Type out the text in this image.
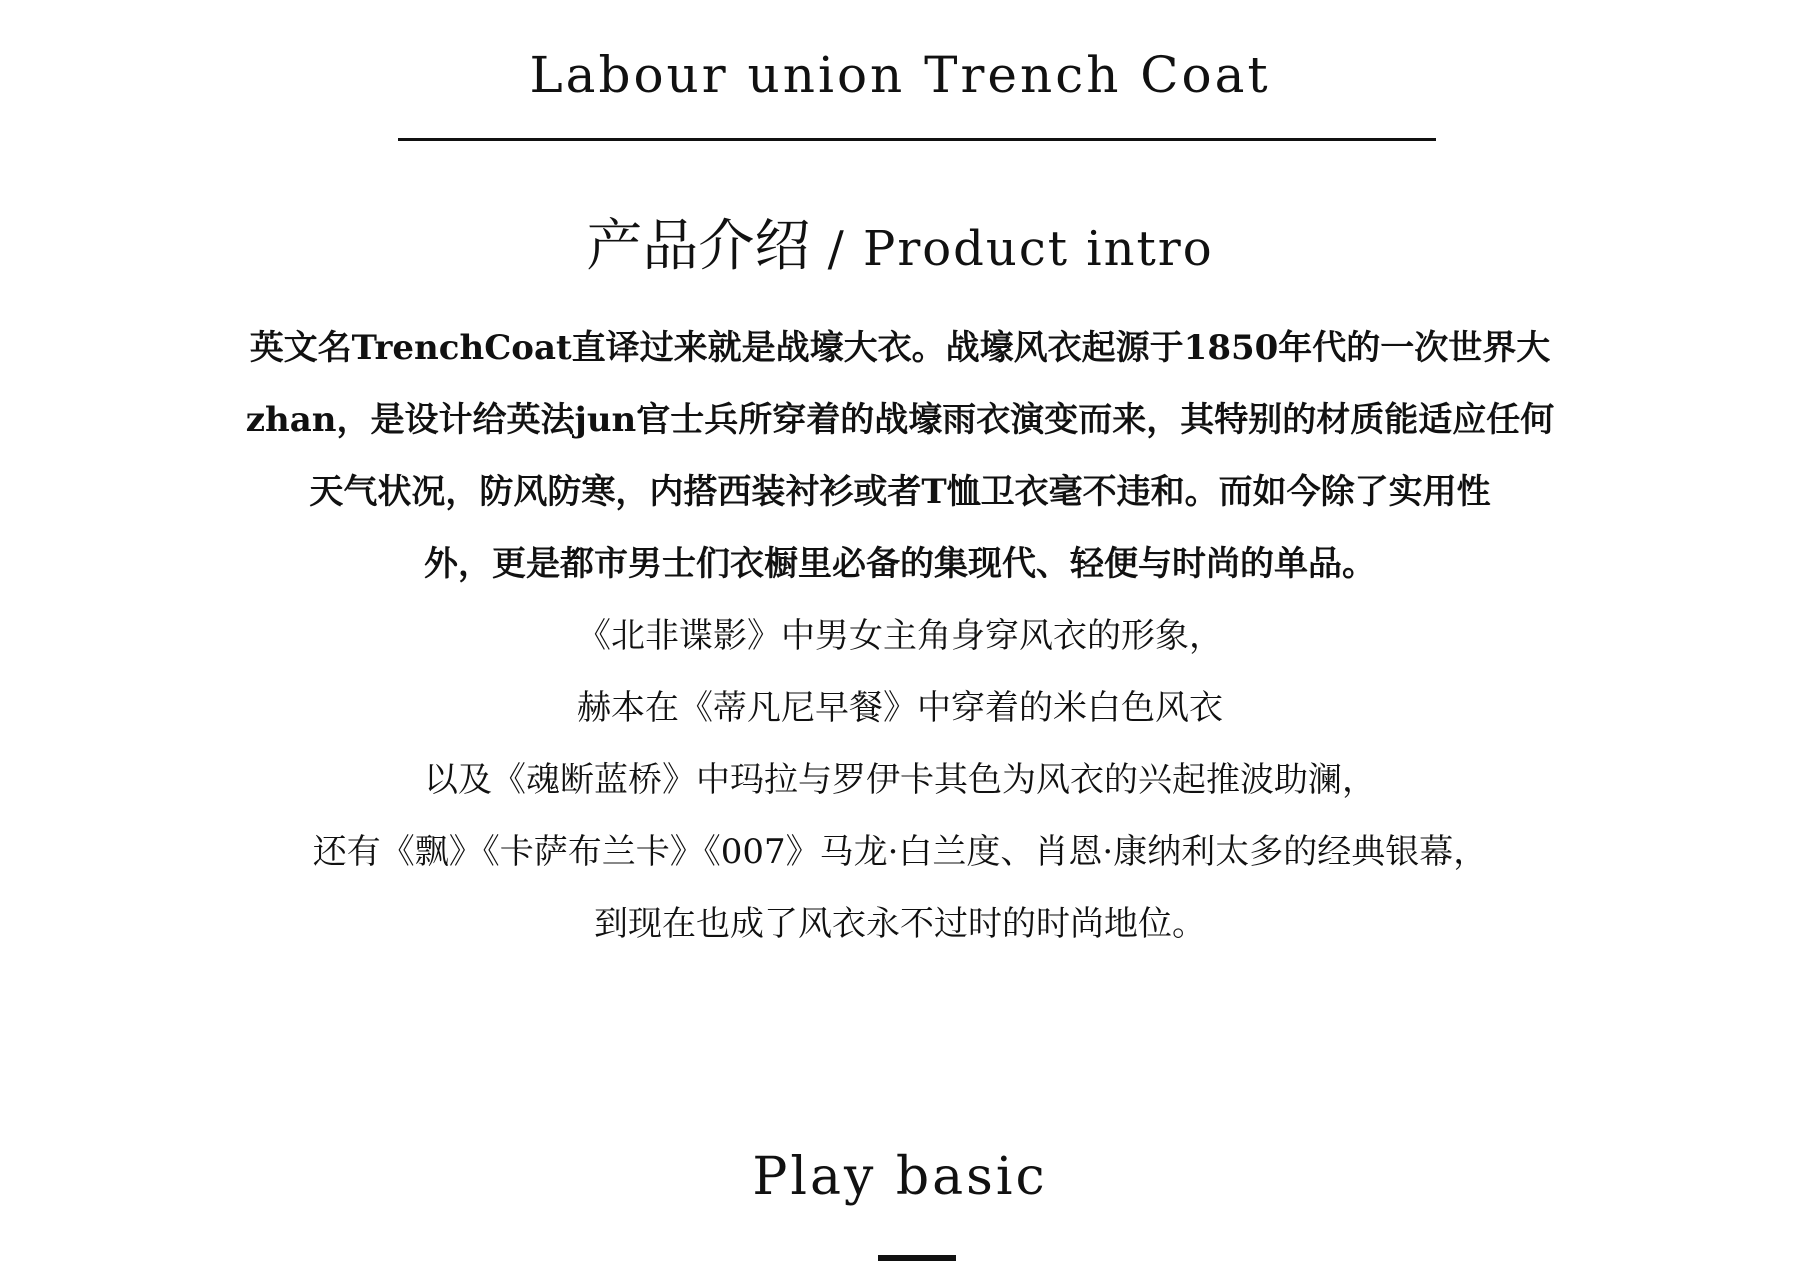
Labour union Trench Coat
产品介绍 / Product intro
英文名TrenchCoat直译过来就是战壕大衣。战壕风衣起源于1850年代的一次世界大
zhan，是设计给英法jun官士兵所穿着的战壕雨衣演变而来，其特别的材质能适应任何
天气状况，防风防寒，内搭西装衬衫或者T恤卫衣毫不违和。而如今除了实用性
外，更是都市男士们衣橱里必备的集现代、轻便与时尚的单品。
《北非谍影》中男女主角身穿风衣的形象，
赫本在《蒂凡尼早餐》中穿着的米白色风衣
以及《魂断蓝桥》中玛拉与罗伊卡其色为风衣的兴起推波助澜，
还有《飘》《卡萨布兰卡》《007》马龙·白兰度、肖恩·康纳利太多的经典银幕，
到现在也成了风衣永不过时的时尚地位。
Play basic
